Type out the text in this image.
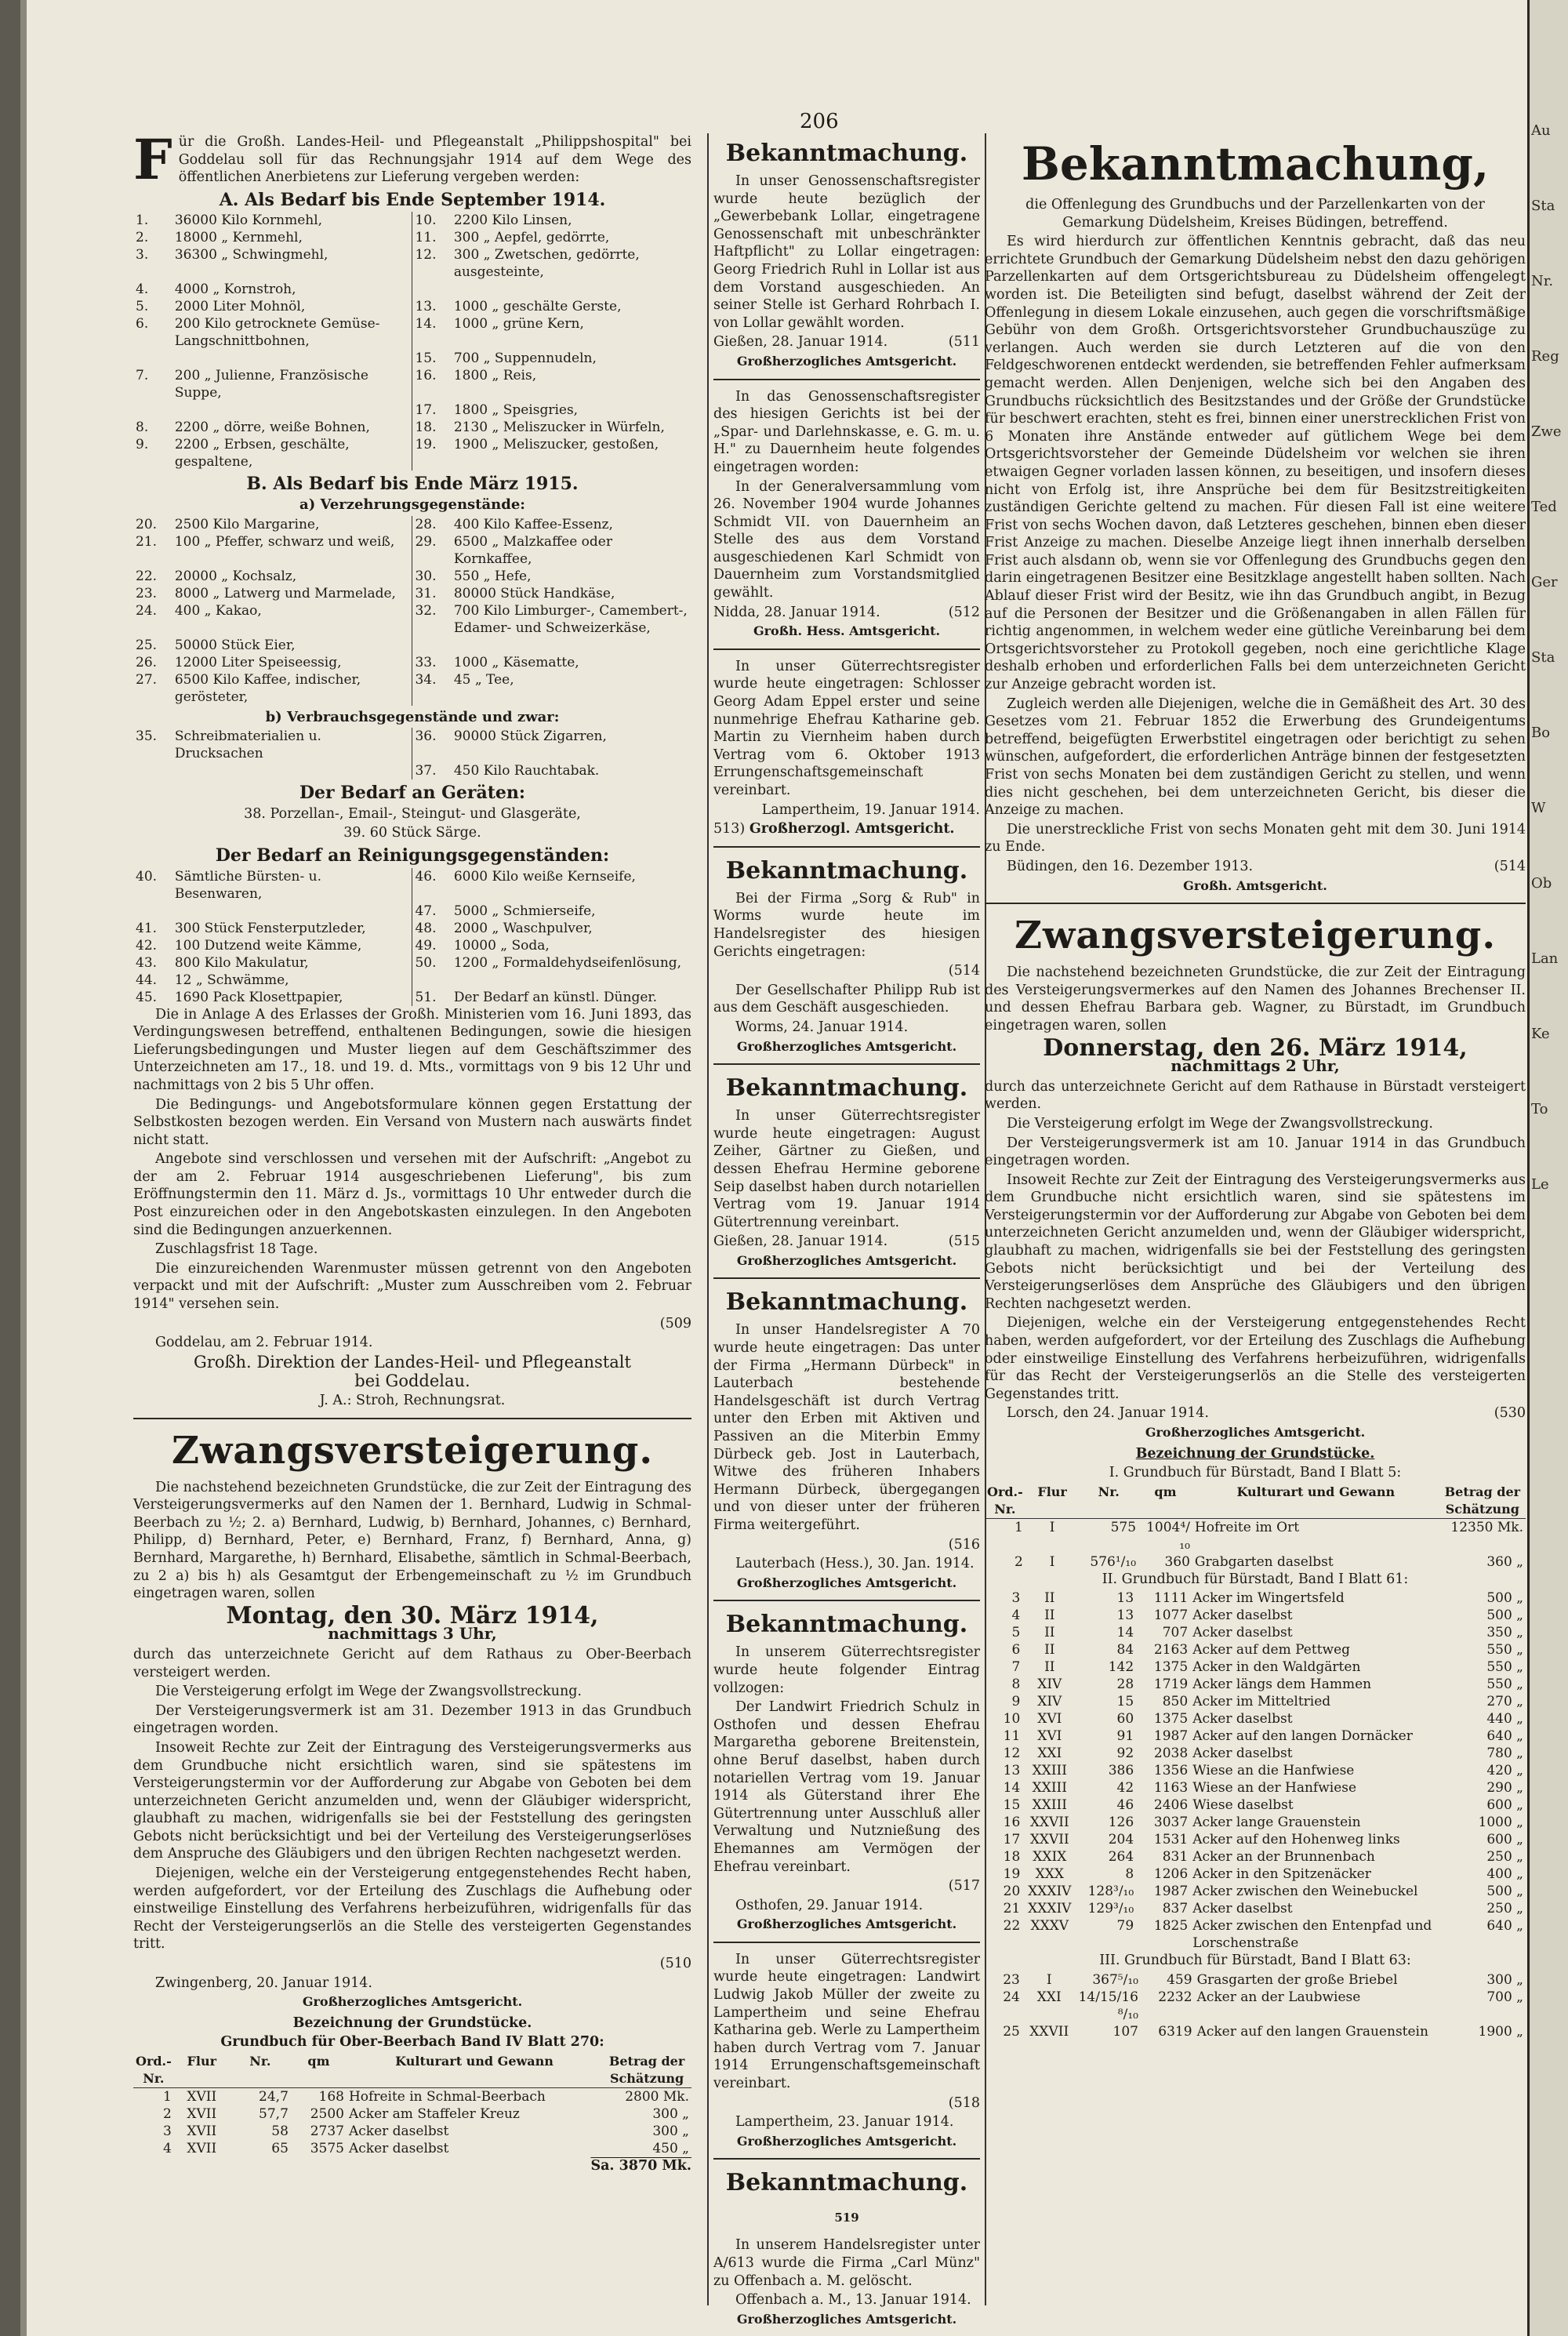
Au
Sta
Nr.
Reg
Zwe
Ted
Ger
Sta
Bo
W
Ob
Lan
Ke
To
Le
206

Für die Großh. Landes-Heil- und Pflegeanstalt „Philippshospital" bei Goddelau soll für das Rechnungsjahr 1914 auf dem Wege des öffentlichen Anerbietens zur Lieferung vergeben werden:

A. Als Bedarf bis Ende September 1914.
1.	36000 Kilo Kornmehl,	10.	2200 Kilo Linsen,
2.	18000 „ Kernmehl,	11.	300 „ Aepfel, gedörrte,
3.	36300 „ Schwingmehl,	12.	300 „ Zwetschen, gedörrte, ausgesteinte,
4.	4000 „ Kornstroh,		
5.	2000 Liter Mohnöl,	13.	1000 „ geschälte Gerste,
6.	200 Kilo getrocknete Gemüse-Langschnittbohnen,	14.	1000 „ grüne Kern,
		15.	700 „ Suppennudeln,
7.	200 „ Julienne, Französische Suppe,	16.	1800 „ Reis,
		17.	1800 „ Speisgries,
8.	2200 „ dörre, weiße Bohnen,	18.	2130 „ Meliszucker in Würfeln,
9.	2200 „ Erbsen, geschälte, gespaltene,	19.	1900 „ Meliszucker, gestoßen,
B. Als Bedarf bis Ende März 1915.
a) Verzehrungsgegenstände:
20.	2500 Kilo Margarine,	28.	400 Kilo Kaffee-Essenz,
21.	100 „ Pfeffer, schwarz und weiß,	29.	6500 „ Malzkaffee oder Kornkaffee,
22.	20000 „ Kochsalz,	30.	550 „ Hefe,
23.	8000 „ Latwerg und Marmelade,	31.	80000 Stück Handkäse,
24.	400 „ Kakao,	32.	700 Kilo Limburger-, Camembert-, Edamer- und Schweizerkäse,
25.	50000 Stück Eier,		
26.	12000 Liter Speiseessig,	33.	1000 „ Käsematte,
27.	6500 Kilo Kaffee, indischer, gerösteter,	34.	45 „ Tee,
b) Verbrauchsgegenstände und zwar:
35.	Schreibmaterialien u. Drucksachen	36.	90000 Stück Zigarren,
		37.	450 Kilo Rauchtabak.
Der Bedarf an Geräten:

38. Porzellan-, Email-, Steingut- und Glasgeräte,

39. 60 Stück Särge.

Der Bedarf an Reinigungsgegenständen:
40.	Sämtliche Bürsten- u. Besenwaren,	46.	6000 Kilo weiße Kernseife,
		47.	5000 „ Schmierseife,
41.	300 Stück Fensterputzleder,	48.	2000 „ Waschpulver,
42.	100 Dutzend weite Kämme,	49.	10000 „ Soda,
43.	800 Kilo Makulatur,	50.	1200 „ Formaldehydseifenlösung,
44.	12 „ Schwämme,		
45.	1690 Pack Klosettpapier,	51.	Der Bedarf an künstl. Dünger.

Die in Anlage A des Erlasses der Großh. Ministerien vom 16. Juni 1893, das Verdingungswesen betreffend, enthaltenen Bedingungen, sowie die hiesigen Lieferungsbedingungen und Muster liegen auf dem Geschäftszimmer des Unterzeichneten am 17., 18. und 19. d. Mts., vormittags von 9 bis 12 Uhr und nachmittags von 2 bis 5 Uhr offen.

Die Bedingungs- und Angebotsformulare können gegen Erstattung der Selbstkosten bezogen werden. Ein Versand von Mustern nach auswärts findet nicht statt.

Angebote sind verschlossen und versehen mit der Aufschrift: „Angebot zu der am 2. Februar 1914 ausgeschriebenen Lieferung", bis zum Eröffnungstermin den 11. März d. Js., vormittags 10 Uhr entweder durch die Post einzureichen oder in den Angebotskasten einzulegen. In den Angeboten sind die Bedingungen anzuerkennen.

Zuschlagsfrist 18 Tage.

Die einzureichenden Warenmuster müssen getrennt von den Angeboten verpackt und mit der Aufschrift: „Muster zum Ausschreiben vom 2. Februar 1914" versehen sein.

(509

Goddelau, am 2. Februar 1914.

Großh. Direktion der Landes-Heil- und Pflegeanstalt

bei Goddelau.

J. A.: Stroh, Rechnungsrat.

Zwangsversteigerung.

Die nachstehend bezeichneten Grundstücke, die zur Zeit der Eintragung des Versteigerungsvermerks auf den Namen der 1. Bernhard, Ludwig in Schmal-Beerbach zu ½; 2. a) Bernhard, Ludwig, b) Bernhard, Johannes, c) Bernhard, Philipp, d) Bernhard, Peter, e) Bernhard, Franz, f) Bernhard, Anna, g) Bernhard, Margarethe, h) Bernhard, Elisabethe, sämtlich in Schmal-Beerbach, zu 2 a) bis h) als Gesamtgut der Erbengemeinschaft zu ½ im Grundbuch eingetragen waren, sollen

Montag, den 30. März 1914,
nachmittags 3 Uhr,

durch das unterzeichnete Gericht auf dem Rathaus zu Ober-Beerbach versteigert werden.

Die Versteigerung erfolgt im Wege der Zwangsvollstreckung.

Der Versteigerungsvermerk ist am 31. Dezember 1913 in das Grundbuch eingetragen worden.

Insoweit Rechte zur Zeit der Eintragung des Versteigerungsvermerks aus dem Grundbuche nicht ersichtlich waren, sind sie spätestens im Versteigerungstermin vor der Aufforderung zur Abgabe von Geboten bei dem unterzeichneten Gericht anzumelden und, wenn der Gläubiger widerspricht, glaubhaft zu machen, widrigenfalls sie bei der Feststellung des geringsten Gebots nicht berücksichtigt und bei der Verteilung des Versteigerungserlöses dem Anspruche des Gläubigers und den übrigen Rechten nachgesetzt werden.

Diejenigen, welche ein der Versteigerung entgegenstehendes Recht haben, werden aufgefordert, vor der Erteilung des Zuschlags die Aufhebung oder einstweilige Einstellung des Verfahrens herbeizuführen, widrigenfalls für das Recht der Versteigerungserlös an die Stelle des versteigerten Gegenstandes tritt.

(510

Zwingenberg, 20. Januar 1914.

Großherzogliches Amtsgericht.

Bezeichnung der Grundstücke.

Grundbuch für Ober-Beerbach Band IV Blatt 270:

Ord.-Nr.	Flur	Nr.	qm	Kulturart und Gewann	Betrag der Schätzung
1	XVII	24,7	168	Hofreite in Schmal-Beerbach	2800 Mk.
2	XVII	57,7	2500	Acker am Staffeler Kreuz	300 „
3	XVII	58	2737	Acker daselbst	300 „
4	XVII	65	3575	Acker daselbst	450 „

Sa. 3870 Mk.

Bekanntmachung.

In unser Genossenschaftsregister wurde heute bezüglich der „Gewerbebank Lollar, eingetragene Genossenschaft mit unbeschränkter Haftpflicht" zu Lollar eingetragen: Georg Friedrich Ruhl in Lollar ist aus dem Vorstand ausgeschieden. An seiner Stelle ist Gerhard Rohrbach I. von Lollar gewählt worden.

Gießen, 28. Januar 1914.	(511

Großherzogliches Amtsgericht.

In das Genossenschaftsregister des hiesigen Gerichts ist bei der „Spar- und Darlehnskasse, e. G. m. u. H." zu Dauernheim heute folgendes eingetragen worden:

In der Generalversammlung vom 26. November 1904 wurde Johannes Schmidt VII. von Dauernheim an Stelle des aus dem Vorstand ausgeschiedenen Karl Schmidt von Dauernheim zum Vorstandsmitglied gewählt.

Nidda, 28. Januar 1914.	(512

Großh. Hess. Amtsgericht.

In unser Güterrechtsregister wurde heute eingetragen: Schlosser Georg Adam Eppel erster und seine nunmehrige Ehefrau Katharine geb. Martin zu Viernheim haben durch Vertrag vom 6. Oktober 1913 Errungenschaftsgemeinschaft vereinbart.

Lampertheim, 19. Januar 1914.

513) Großherzogl. Amtsgericht.

Bekanntmachung.

Bei der Firma „Sorg & Rub" in Worms wurde heute im Handelsregister des hiesigen Gerichts eingetragen:

(514

Der Gesellschafter Philipp Rub ist aus dem Geschäft ausgeschieden.

Worms, 24. Januar 1914.

Großherzogliches Amtsgericht.

Bekanntmachung.

In unser Güterrechtsregister wurde heute eingetragen: August Zeiher, Gärtner zu Gießen, und dessen Ehefrau Hermine geborene Seip daselbst haben durch notariellen Vertrag vom 19. Januar 1914 Gütertrennung vereinbart.

Gießen, 28. Januar 1914.	(515

Großherzogliches Amtsgericht.

Bekanntmachung.

In unser Handelsregister A 70 wurde heute eingetragen: Das unter der Firma „Hermann Dürbeck" in Lauterbach bestehende Handelsgeschäft ist durch Vertrag unter den Erben mit Aktiven und Passiven an die Miterbin Emmy Dürbeck geb. Jost in Lauterbach, Witwe des früheren Inhabers Hermann Dürbeck, übergegangen und von dieser unter der früheren Firma weitergeführt.

(516

Lauterbach (Hess.), 30. Jan. 1914.

Großherzogliches Amtsgericht.

Bekanntmachung.

In unserem Güterrechtsregister wurde heute folgender Eintrag vollzogen:

Der Landwirt Friedrich Schulz in Osthofen und dessen Ehefrau Margaretha geborene Breitenstein, ohne Beruf daselbst, haben durch notariellen Vertrag vom 19. Januar 1914 als Güterstand ihrer Ehe Gütertrennung unter Ausschluß aller Verwaltung und Nutznießung des Ehemannes am Vermögen der Ehefrau vereinbart.

(517

Osthofen, 29. Januar 1914.

Großherzogliches Amtsgericht.

In unser Güterrechtsregister wurde heute eingetragen: Landwirt Ludwig Jakob Müller der zweite zu Lampertheim und seine Ehefrau Katharina geb. Werle zu Lampertheim haben durch Vertrag vom 7. Januar 1914 Errungenschaftsgemeinschaft vereinbart.

(518

Lampertheim, 23. Januar 1914.

Großherzogliches Amtsgericht.

Bekanntmachung. 519

In unserem Handelsregister unter A/613 wurde die Firma „Carl Münz" zu Offenbach a. M. gelöscht.

Offenbach a. M., 13. Januar 1914.

Großherzogliches Amtsgericht.

Bekanntmachung,

die Offenlegung des Grundbuchs und der Parzellenkarten von der Gemarkung Düdelsheim, Kreises Büdingen, betreffend.

Es wird hierdurch zur öffentlichen Kenntnis gebracht, daß das neu errichtete Grundbuch der Gemarkung Düdelsheim nebst den dazu gehörigen Parzellenkarten auf dem Ortsgerichtsbureau zu Düdelsheim offengelegt worden ist. Die Beteiligten sind befugt, daselbst während der Zeit der Offenlegung in diesem Lokale einzusehen, auch gegen die vorschriftsmäßige Gebühr von dem Großh. Ortsgerichtsvorsteher Grundbuchauszüge zu verlangen. Auch werden sie durch Letzteren auf die von den Feldgeschworenen entdeckt werdenden, sie betreffenden Fehler aufmerksam gemacht werden. Allen Denjenigen, welche sich bei den Angaben des Grundbuchs rücksichtlich des Besitzstandes und der Größe der Grundstücke für beschwert erachten, steht es frei, binnen einer unerstrecklichen Frist von 6 Monaten ihre Anstände entweder auf gütlichem Wege bei dem Ortsgerichtsvorsteher der Gemeinde Düdelsheim vor welchen sie ihren etwaigen Gegner vorladen lassen können, zu beseitigen, und insofern dieses nicht von Erfolg ist, ihre Ansprüche bei dem für Besitzstreitigkeiten zuständigen Gerichte geltend zu machen. Für diesen Fall ist eine weitere Frist von sechs Wochen davon, daß Letzteres geschehen, binnen eben dieser Frist Anzeige zu machen. Dieselbe Anzeige liegt ihnen innerhalb derselben Frist auch alsdann ob, wenn sie vor Offenlegung des Grundbuchs gegen den darin eingetragenen Besitzer eine Besitzklage angestellt haben sollten. Nach Ablauf dieser Frist wird der Besitz, wie ihn das Grundbuch angibt, in Bezug auf die Personen der Besitzer und die Größenangaben in allen Fällen für richtig angenommen, in welchem weder eine gütliche Vereinbarung bei dem Ortsgerichtsvorsteher zu Protokoll gegeben, noch eine gerichtliche Klage deshalb erhoben und erforderlichen Falls bei dem unterzeichneten Gericht zur Anzeige gebracht worden ist.

Zugleich werden alle Diejenigen, welche die in Gemäßheit des Art. 30 des Gesetzes vom 21. Februar 1852 die Erwerbung des Grundeigentums betreffend, beigefügten Erwerbstitel eingetragen oder berichtigt zu sehen wünschen, aufgefordert, die erforderlichen Anträge binnen der festgesetzten Frist von sechs Monaten bei dem zuständigen Gericht zu stellen, und wenn dies nicht geschehen, bei dem unterzeichneten Gericht, bis dieser die Anzeige zu machen.

Die unerstreckliche Frist von sechs Monaten geht mit dem 30. Juni 1914 zu Ende.

Büdingen, den 16. Dezember 1913.	(514

Großh. Amtsgericht.

Zwangsversteigerung.

Die nachstehend bezeichneten Grundstücke, die zur Zeit der Eintragung des Versteigerungsvermerkes auf den Namen des Johannes Brechenser II. und dessen Ehefrau Barbara geb. Wagner, zu Bürstadt, im Grundbuch eingetragen waren, sollen

Donnerstag, den 26. März 1914,
nachmittags 2 Uhr,

durch das unterzeichnete Gericht auf dem Rathause in Bürstadt versteigert werden.

Die Versteigerung erfolgt im Wege der Zwangsvollstreckung.

Der Versteigerungsvermerk ist am 10. Januar 1914 in das Grundbuch eingetragen worden.

Insoweit Rechte zur Zeit der Eintragung des Versteigerungsvermerks aus dem Grundbuche nicht ersichtlich waren, sind sie spätestens im Versteigerungstermin vor der Aufforderung zur Abgabe von Geboten bei dem unterzeichneten Gericht anzumelden und, wenn der Gläubiger widerspricht, glaubhaft zu machen, widrigenfalls sie bei der Feststellung des geringsten Gebots nicht berücksichtigt und bei der Verteilung des Versteigerungserlöses dem Ansprüche des Gläubigers und den übrigen Rechten nachgesetzt werden.

Diejenigen, welche ein der Versteigerung entgegenstehendes Recht haben, werden aufgefordert, vor der Erteilung des Zuschlags die Aufhebung oder einstweilige Einstellung des Verfahrens herbeizuführen, widrigenfalls für das Recht der Versteigerungserlös an die Stelle des versteigerten Gegenstandes tritt.

Lorsch, den 24. Januar 1914.	(530

Großherzogliches Amtsgericht.

Bezeichnung der Grundstücke.

I. Grundbuch für Bürstadt, Band I Blatt 5:

Ord.-Nr.	Flur	Nr.	qm	Kulturart und Gewann	Betrag der Schätzung
1	I	575	1004⁴/₁₀	Hofreite im Ort	12350 Mk.
2	I	576¹/₁₀	360	Grabgarten daselbst	360 „

II. Grundbuch für Bürstadt, Band I Blatt 61:

3	II	13	1111	Acker im Wingertsfeld	500 „
4	II	13	1077	Acker daselbst	500 „
5	II	14	707	Acker daselbst	350 „
6	II	84	2163	Acker auf dem Pettweg	550 „
7	II	142	1375	Acker in den Waldgärten	550 „
8	XIV	28	1719	Acker längs dem Hammen	550 „
9	XIV	15	850	Acker im Mitteltried	270 „
10	XVI	60	1375	Acker daselbst	440 „
11	XVI	91	1987	Acker auf den langen Dornäcker	640 „
12	XXI	92	2038	Acker daselbst	780 „
13	XXIII	386	1356	Wiese an die Hanfwiese	420 „
14	XXIII	42	1163	Wiese an der Hanfwiese	290 „
15	XXIII	46	2406	Wiese daselbst	600 „
16	XXVII	126	3037	Acker lange Grauenstein	1000 „
17	XXVII	204	1531	Acker auf den Hohenweg links	600 „
18	XXIX	264	831	Acker an der Brunnenbach	250 „
19	XXX	8	1206	Acker in den Spitzenäcker	400 „
20	XXXIV	128³/₁₀	1987	Acker zwischen den Weinebuckel	500 „
21	XXXIV	129³/₁₀	837	Acker daselbst	250 „
22	XXXV	79	1825	Acker zwischen den Entenpfad und Lorschenstraße	640 „

III. Grundbuch für Bürstadt, Band I Blatt 63:

23	I	367⁵/₁₀	459	Grasgarten der große Briebel	300 „
24	XXI	14/15/16 ⁸/₁₀	2232	Acker an der Laubwiese	700 „
25	XXVII	107	6319	Acker auf den langen Grauenstein	1900 „
